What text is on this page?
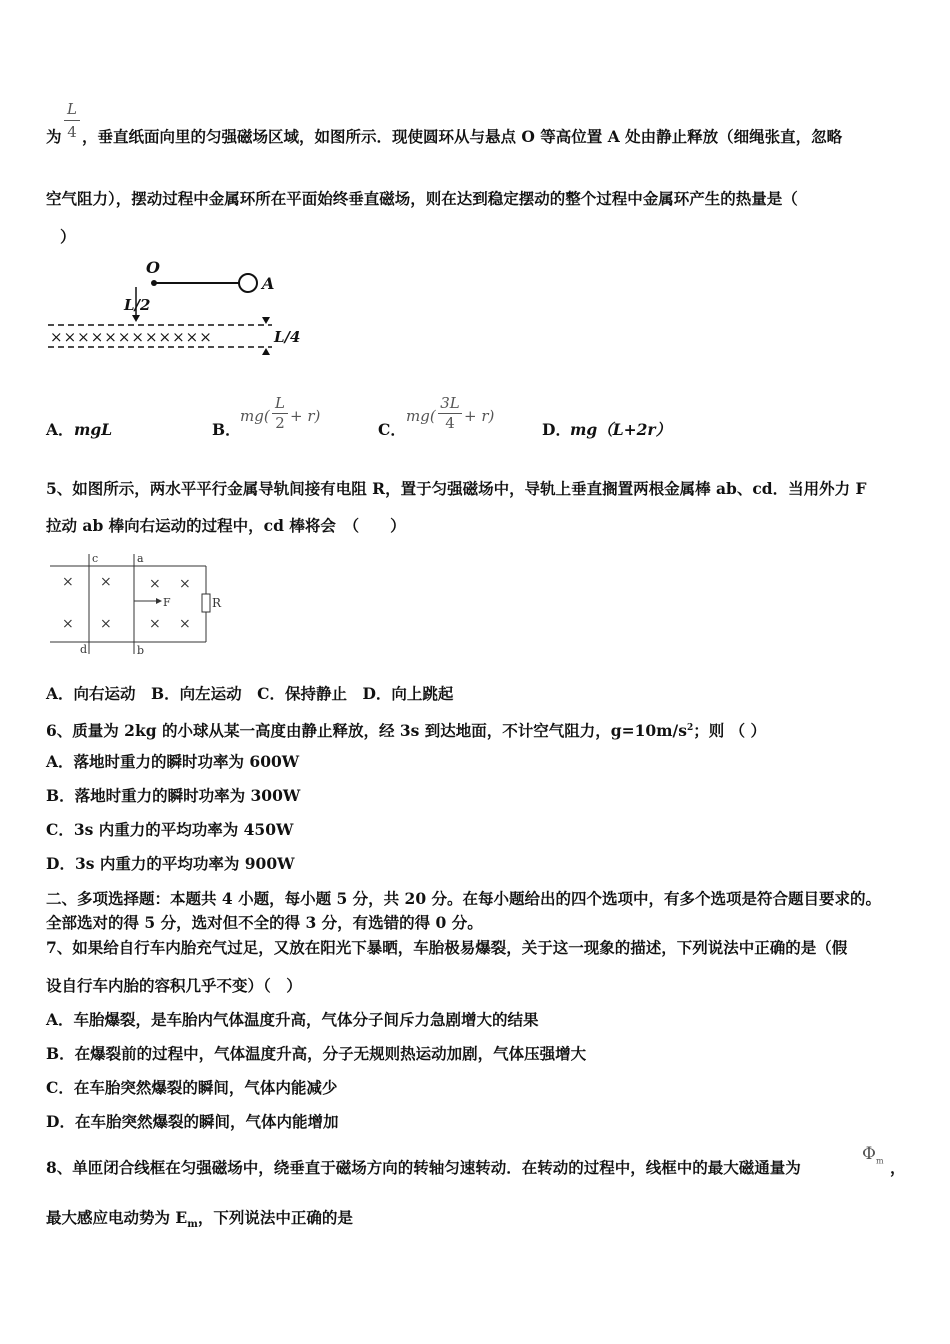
L
4
为 ，垂直纸面向里的匀强磁场区域，如图所示．现使圆环从与悬点 O 等高位置 A 处由静止释放（细绳张直，忽略
空气阻力），摆动过程中金属环所在平面始终垂直磁场，则在达到稳定摆动的整个过程中金属环产生的热量是（
）
O
A
L/2
××××××××××××	L/4
A． mgL	B．
mg(
L
2 + r)
C．
mg(
3L
4 + r)
D． mg（L+2r）
5、如图所示，两水平平行金属导轨间接有电阻 R，置于匀强磁场中，导轨上垂直搁置两根金属棒 ab、cd．当用外力 F
拉动 ab 棒向右运动的过程中，cd 棒将会　（　　）
R
c	a
d	b
× ×	× ×
× ×	× ×
F
A．向右运动　B．向左运动　C．保持静止　D．向上跳起
6、质量为 2kg 的小球从某一高度由静止释放，经 3s 到达地面，不计空气阻力，$g=10m/s^2$；则 （ ）
A．落地时重力的瞬时功率为 600W
B．落地时重力的瞬时功率为 300W
C．3s 内重力的平均功率为 450W
D．3s 内重力的平均功率为 900W
二、多项选择题：本题共 4 小题，每小题 5 分，共 20 分。在每小题给出的四个选项中，有多个选项是符合题目要求的。
全部选对的得 5 分，选对但不全的得 3 分，有选错的得 0 分。
7、如果给自行车内胎充气过足，又放在阳光下暴晒，车胎极易爆裂，关于这一现象的描述，下列说法中正确的是（假
设自行车内胎的容积几乎不变）（　）
A．车胎爆裂，是车胎内气体温度升高，气体分子间斥力急剧增大的结果
B．在爆裂前的过程中，气体温度升高，分子无规则热运动加剧，气体压强增大
C．在车胎突然爆裂的瞬间，气体内能减少
D．在车胎突然爆裂的瞬间，气体内能增加
8、单匝闭合线框在匀强磁场中，绕垂直于磁场方向的转轴匀速转动．在转动的过程中，线框中的最大磁通量为
$\Phi_m$ ，
最大感应电动势为 $E_m$，下列说法中正确的是
